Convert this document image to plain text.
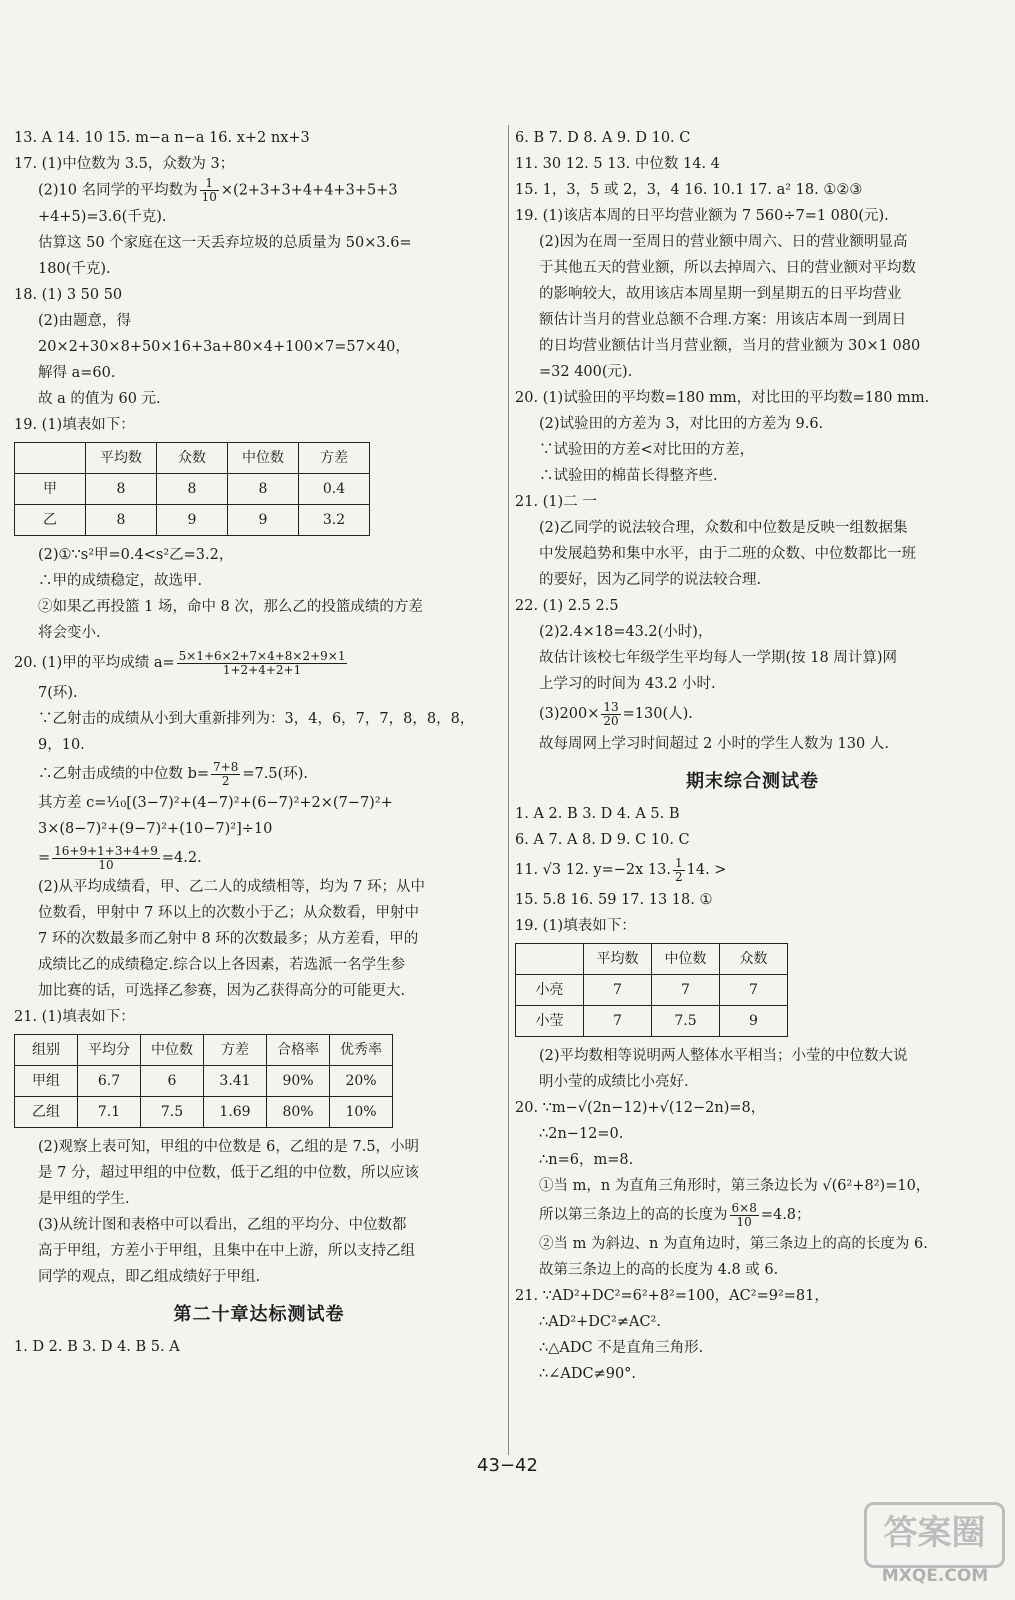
13. A 14. 10 15. m−a n−a 16. x+2 nx+3
17. (1)中位数为 3.5，众数为 3；
(2)10 名同学的平均数为 $\frac{1}{10} \times(2+3+3+4+4+3+5+3$
+4+5)=3.6(千克).
估算这 50 个家庭在这一天丢弃垃圾的总质量为 50×3.6=
180(千克).
18. (1) 3 50 50
(2)由题意，得
20×2+30×8+50×16+3a+80×4+100×7=57×40，
解得 a=60.
故 a 的值为 60 元.
19. (1)填表如下：
	平均数	众数	中位数	方差
甲	8	8	8	0.4
乙	8	9	9	3.2
(2)①∵s²甲=0.4<s²乙=3.2，
∴甲的成绩稳定，故选甲.
②如果乙再投篮 1 场，命中 8 次，那么乙的投篮成绩的方差
将会变小.
20. (1)甲的平均成绩 $a= \frac{5\times 1+6\times 2+7\times 4+8\times 2+9\times 1}{1+2+4+2+1}$
7(环).
∵乙射击的成绩从小到大重新排列为：3，4，6，7，7，8，8，8，
9，10.
∴乙射击成绩的中位数 $b= \frac{7+8}{2} =7.5$(环).
其方差 c=⅒[(3−7)²+(4−7)²+(6−7)²+2×(7−7)²+
3×(8−7)²+(9−7)²+(10−7)²]÷10
= $\frac{16+9+1+3+4+9}{10} =4.2$.
(2)从平均成绩看，甲、乙二人的成绩相等，均为 7 环；从中
位数看，甲射中 7 环以上的次数小于乙；从众数看，甲射中
7 环的次数最多而乙射中 8 环的次数最多；从方差看，甲的
成绩比乙的成绩稳定.综合以上各因素，若选派一名学生参
加比赛的话，可选择乙参赛，因为乙获得高分的可能更大.
21. (1)填表如下：
组别	平均分	中位数	方差	合格率	优秀率
甲组	6.7	6	3.41	90%	20%
乙组	7.1	7.5	1.69	80%	10%
(2)观察上表可知，甲组的中位数是 6，乙组的是 7.5，小明
是 7 分，超过甲组的中位数，低于乙组的中位数，所以应该
是甲组的学生.
(3)从统计图和表格中可以看出，乙组的平均分、中位数都
高于甲组，方差小于甲组，且集中在中上游，所以支持乙组
同学的观点，即乙组成绩好于甲组.
第二十章达标测试卷
1. D 2. B 3. D 4. B 5. A
6. B 7. D 8. A 9. D 10. C
11. 30 12. 5 13. 中位数 14. 4
15. 1，3，5 或 2，3，4 16. 10.1 17. a² 18. ①②③
19. (1)该店本周的日平均营业额为 7 560÷7=1 080(元).
(2)因为在周一至周日的营业额中周六、日的营业额明显高
于其他五天的营业额，所以去掉周六、日的营业额对平均数
的影响较大，故用该店本周星期一到星期五的日平均营业
额估计当月的营业总额不合理.方案：用该店本周一到周日
的日均营业额估计当月营业额，当月的营业额为 30×1 080
=32 400(元).
20. (1)试验田的平均数=180 mm，对比田的平均数=180 mm.
(2)试验田的方差为 3，对比田的方差为 9.6.
∵试验田的方差<对比田的方差，
∴试验田的棉苗长得整齐些.
21. (1)二 一
(2)乙同学的说法较合理，众数和中位数是反映一组数据集
中发展趋势和集中水平，由于二班的众数、中位数都比一班
的要好，因为乙同学的说法较合理.
22. (1) 2.5 2.5
(2)2.4×18=43.2(小时)，
故估计该校七年级学生平均每人一学期(按 18 周计算)网
上学习的时间为 43.2 小时.
$(3)200\times \frac{13}{20} =130$(人).
故每周网上学习时间超过 2 小时的学生人数为 130 人.
期末综合测试卷
1. A 2. B 3. D 4. A 5. B
6. A 7. A 8. D 9. C 10. C
11. √3 12. y=−2x 13. $\frac{1}{2} 14$. >
15. 5.8 16. 59 17. 13 18. ①
19. (1)填表如下：
	平均数	中位数	众数
小亮	7	7	7
小莹	7	7.5	9
(2)平均数相等说明两人整体水平相当；小莹的中位数大说
明小莹的成绩比小亮好.
20. ∵m−√(2n−12)+√(12−2n)=8，
∴2n−12=0.
∴n=6，m=8.
①当 m，n 为直角三角形时，第三条边长为 √(6²+8²)=10，
所以第三条边上的高的长度为 $\frac{6\times 8}{10} =4.8$；
②当 m 为斜边、n 为直角边时，第三条边上的高的长度为 6.
故第三条边上的高的长度为 4.8 或 6.
21. ∵AD²+DC²=6²+8²=100，AC²=9²=81，
∴AD²+DC²≠AC².
∴△ADC 不是直角三角形.
∴∠ADC≠90°.
43−42
答案圈
MXQE.COM
